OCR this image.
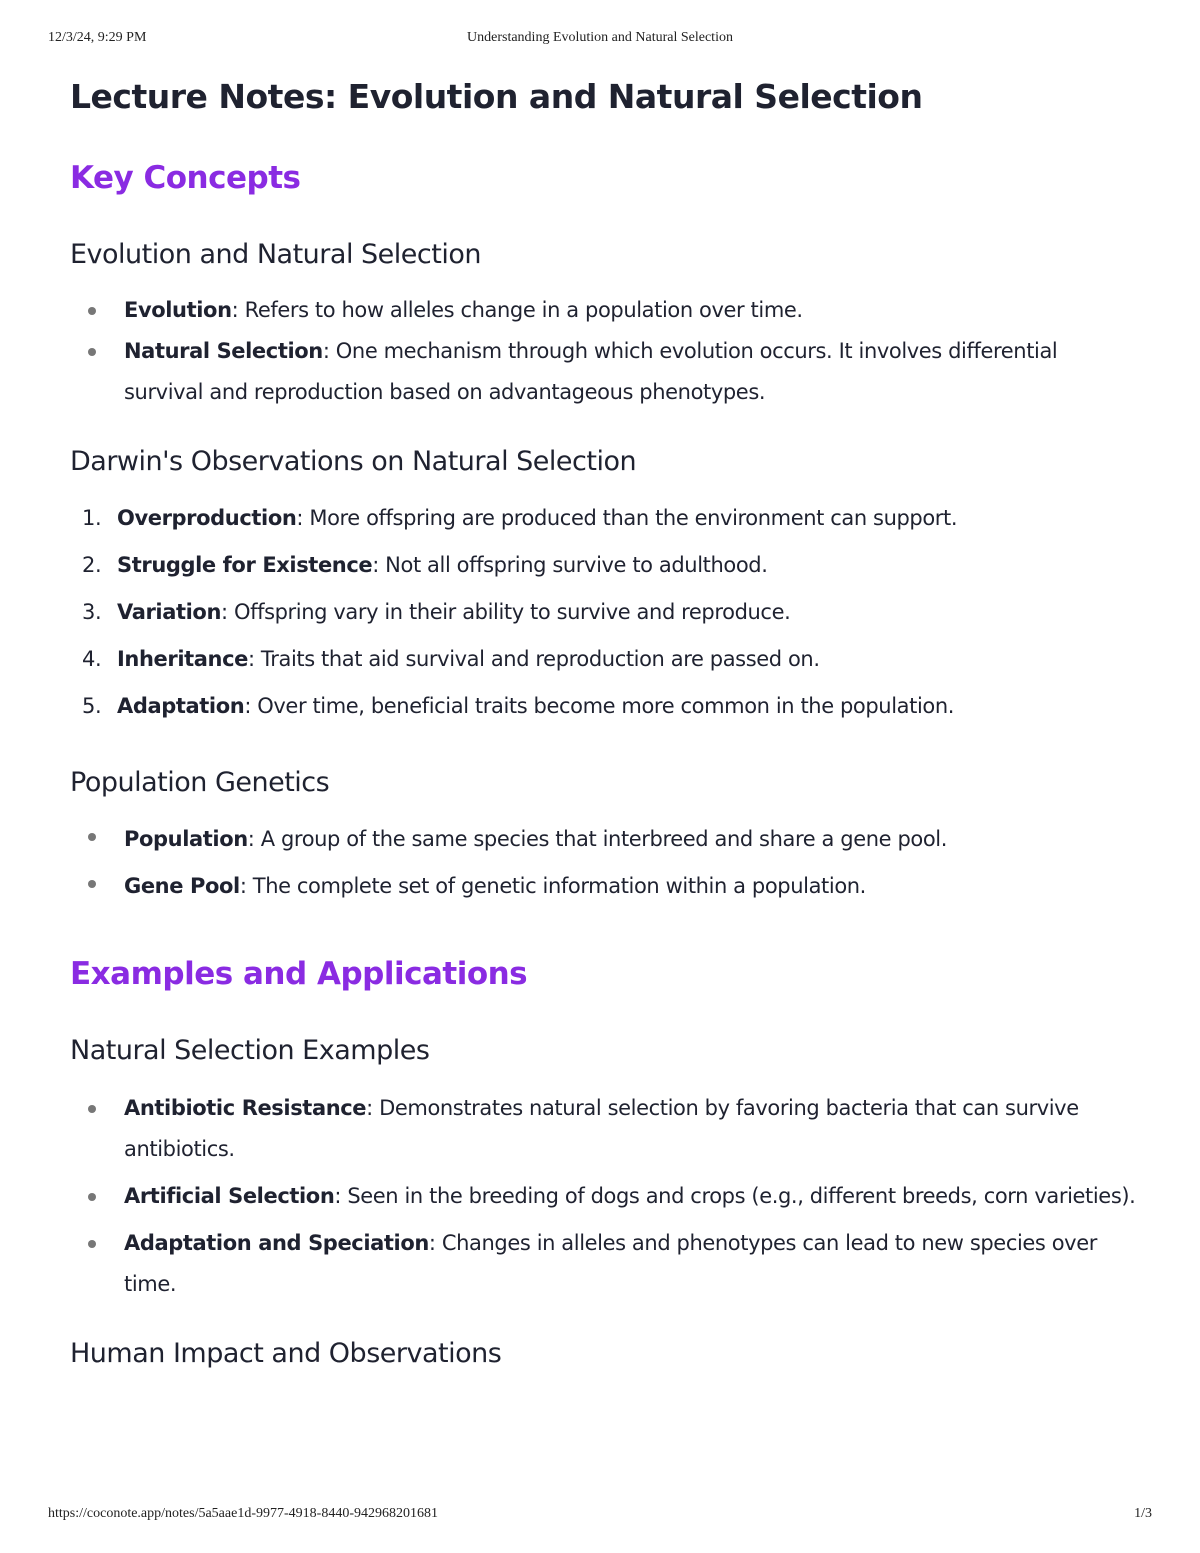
12/3/24, 9:29 PM	Understanding Evolution and Natural Selection
Lecture Notes: Evolution and Natural Selection
Key Concepts
Evolution and Natural Selection
Evolution: Refers to how alleles change in a population over time.
Natural Selection: One mechanism through which evolution occurs. It involves differential survival and reproduction based on advantageous phenotypes.
Darwin's Observations on Natural Selection
1. Overproduction: More offspring are produced than the environment can support.
2. Struggle for Existence: Not all offspring survive to adulthood.
3. Variation: Offspring vary in their ability to survive and reproduce.
4. Inheritance: Traits that aid survival and reproduction are passed on.
5. Adaptation: Over time, beneficial traits become more common in the population.
Population Genetics
Population: A group of the same species that interbreed and share a gene pool.
Gene Pool: The complete set of genetic information within a population.
Examples and Applications
Natural Selection Examples
Antibiotic Resistance: Demonstrates natural selection by favoring bacteria that can survive antibiotics.
Artificial Selection: Seen in the breeding of dogs and crops (e.g., different breeds, corn varieties).
Adaptation and Speciation: Changes in alleles and phenotypes can lead to new species over time.
Human Impact and Observations
https://coconote.app/notes/5a5aae1d-9977-4918-8440-942968201681	1/3
